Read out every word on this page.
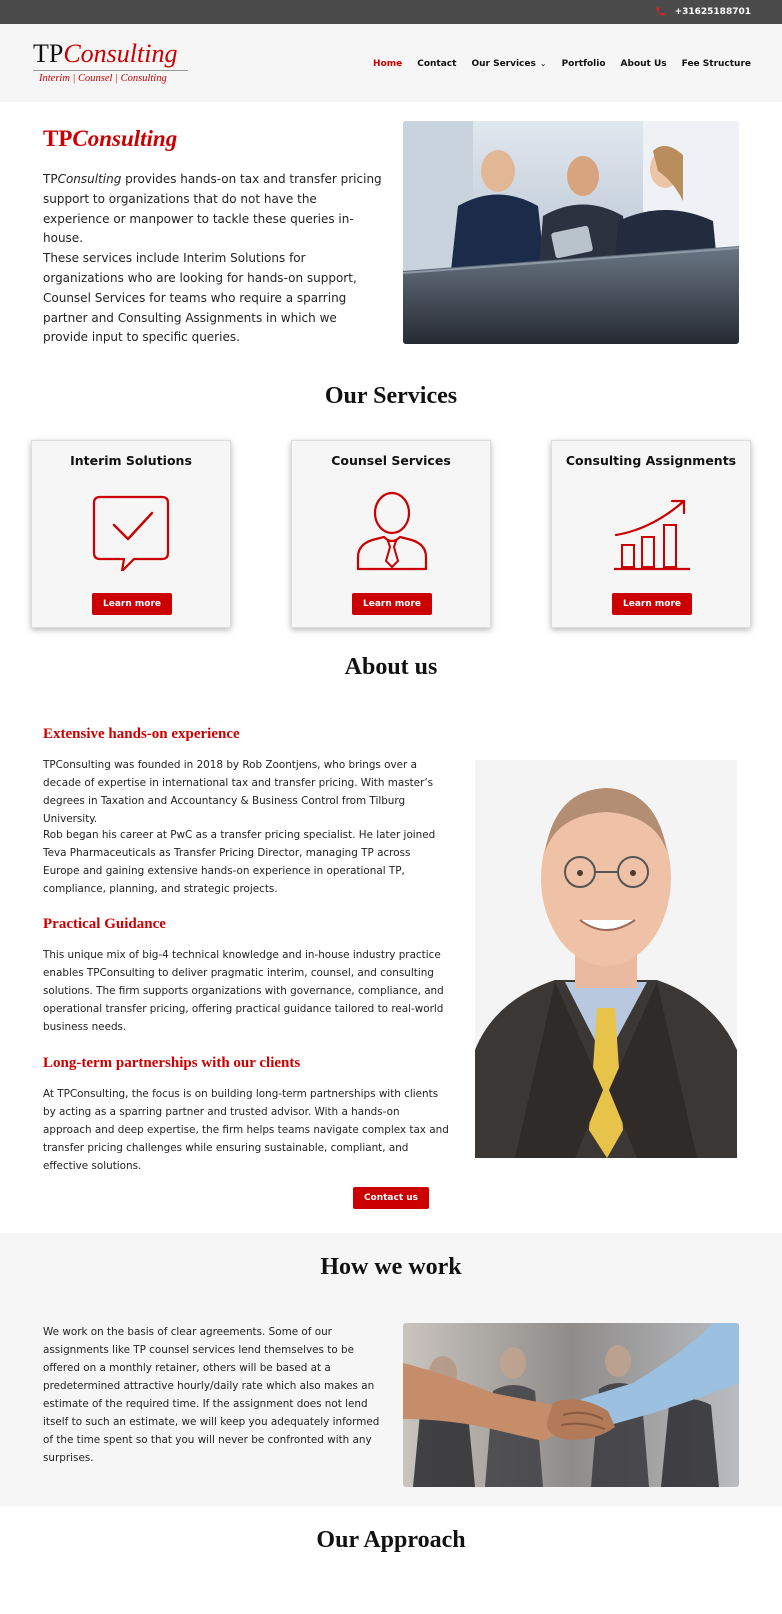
+31625188701
TPConsulting
Interim | Counsel | Consulting
Home Contact Our Services ⌄ Portfolio About Us Fee Structure
TPConsulting

TPConsulting provides hands-on tax and transfer pricing support to organizations that do not have the experience or manpower to tackle these queries in-house.

These services include Interim Solutions for organizations who are looking for hands-on support, Counsel Services for teams who require a sparring partner and Consulting Assignments in which we provide input to specific queries.

Our Services
Interim Solutions
Learn more
Counsel Services
Learn more
Consulting Assignments
Learn more
About us
Extensive hands-on experience
TPConsulting was founded in 2018 by Rob Zoontjens, who brings over a decade of expertise in international tax and transfer pricing. With master’s degrees in Taxation and Accountancy & Business Control from Tilburg University.
Rob began his career at PwC as a transfer pricing specialist. He later joined Teva Pharmaceuticals as Transfer Pricing Director, managing TP across Europe and gaining extensive hands-on experience in operational TP, compliance, planning, and strategic projects.
Practical Guidance
This unique mix of big-4 technical knowledge and in-house industry practice enables TPConsulting to deliver pragmatic interim, counsel, and consulting solutions. The firm supports organizations with governance, compliance, and operational transfer pricing, offering practical guidance tailored to real-world business needs.
Long-term partnerships with our clients
At TPConsulting, the focus is on building long-term partnerships with clients by acting as a sparring partner and trusted advisor. With a hands-on approach and deep expertise, the firm helps teams navigate complex tax and transfer pricing challenges while ensuring sustainable, compliant, and effective solutions.
Contact us
How we work
We work on the basis of clear agreements. Some of our assignments like TP counsel services lend themselves to be offered on a monthly retainer, others will be based at a predetermined attractive hourly/daily rate which also makes an estimate of the required time. If the assignment does not lend itself to such an estimate, we will keep you adequately informed of the time spent so that you will never be confronted with any surprises.
Our Approach
